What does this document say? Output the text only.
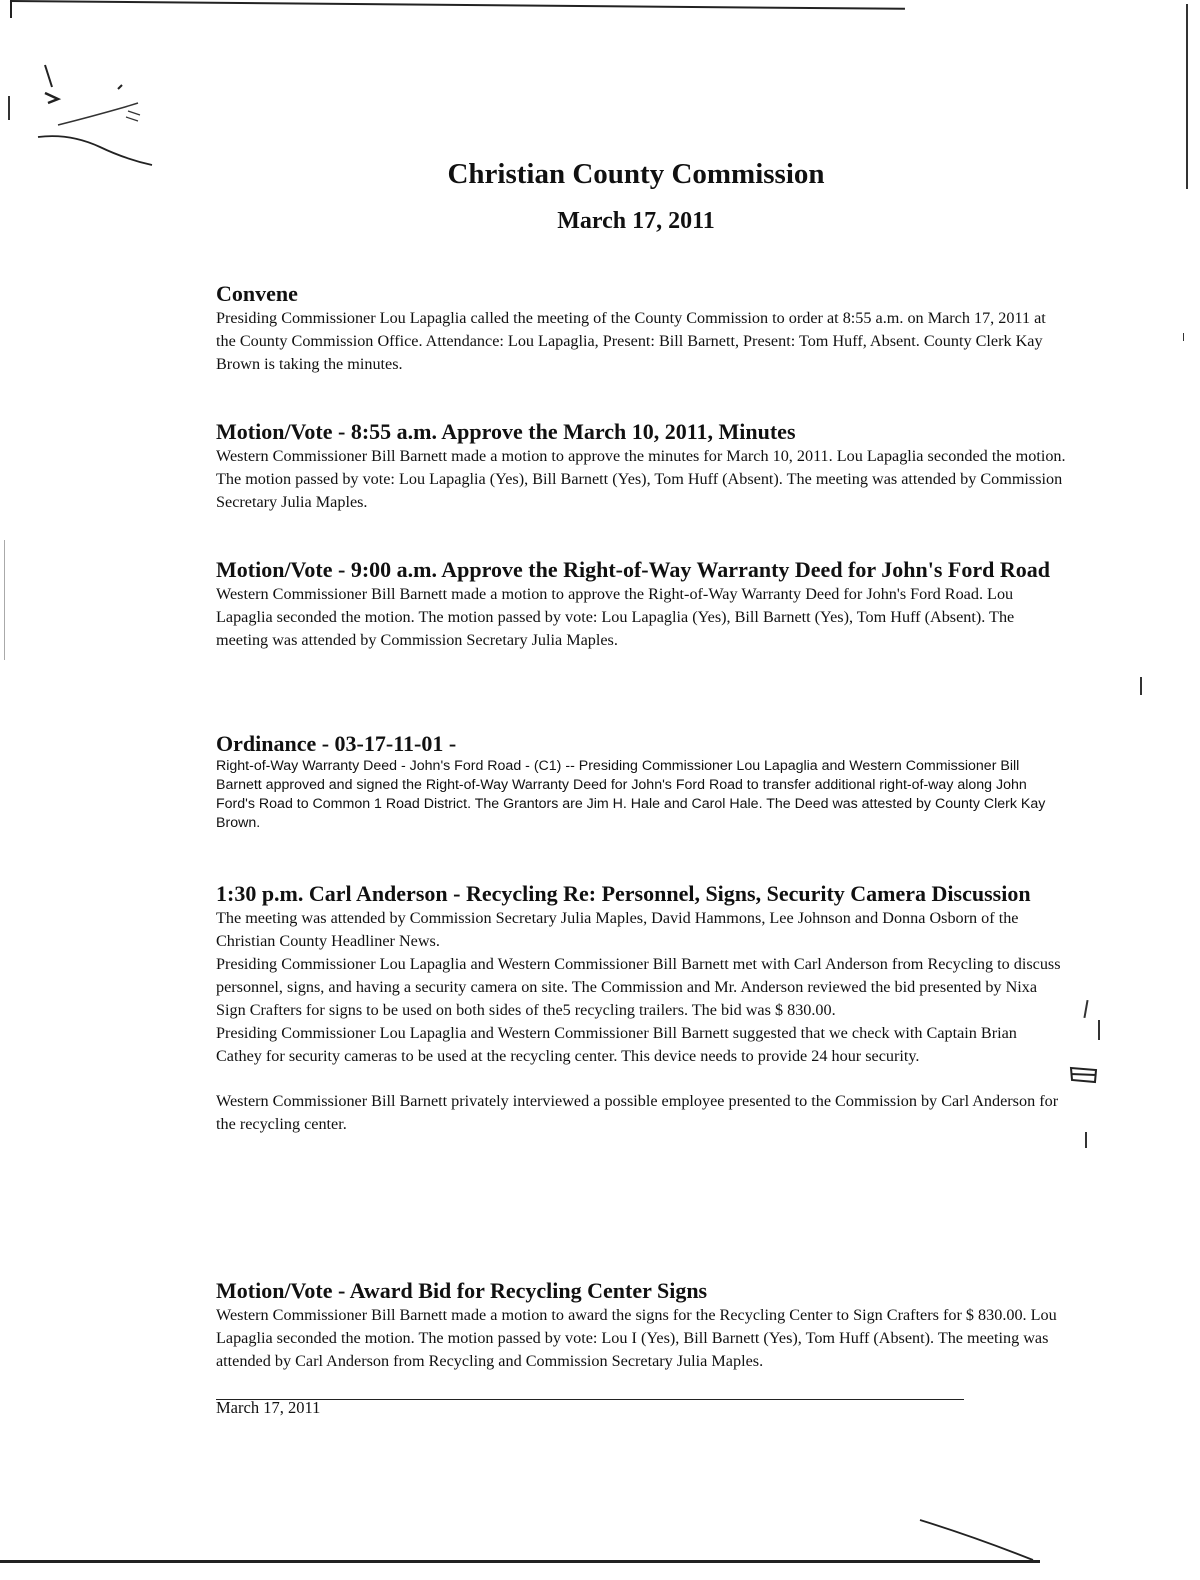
Christian County Commission
March 17, 2011
Convene

Presiding Commissioner Lou Lapaglia called the meeting of the County Commission to order at 8:55 a.m. on March 17, 2011 at the County Commission Office. Attendance: Lou Lapaglia, Present: Bill Barnett, Present: Tom Huff, Absent. County Clerk Kay Brown is taking the minutes.

Motion/Vote - 8:55 a.m. Approve the March 10, 2011, Minutes

Western Commissioner Bill Barnett made a motion to approve the minutes for March 10, 2011. Lou Lapaglia seconded the motion. The motion passed by vote: Lou Lapaglia (Yes), Bill Barnett (Yes), Tom Huff (Absent). The meeting was attended by Commission Secretary Julia Maples.

Motion/Vote - 9:00 a.m. Approve the Right-of-Way Warranty Deed for John's Ford Road

Western Commissioner Bill Barnett made a motion to approve the Right-of-Way Warranty Deed for John's Ford Road. Lou Lapaglia seconded the motion. The motion passed by vote: Lou Lapaglia (Yes), Bill Barnett (Yes), Tom Huff (Absent). The meeting was attended by Commission Secretary Julia Maples.

Ordinance - 03-17-11-01 -

Right-of-Way Warranty Deed - John's Ford Road - (C1) -- Presiding Commissioner Lou Lapaglia and Western Commissioner Bill Barnett approved and signed the Right-of-Way Warranty Deed for John's Ford Road to transfer additional right-of-way along John Ford's Road to Common 1 Road District. The Grantors are Jim H. Hale and Carol Hale. The Deed was attested by County Clerk Kay Brown.

1:30 p.m. Carl Anderson - Recycling Re: Personnel, Signs, Security Camera Discussion

The meeting was attended by Commission Secretary Julia Maples, David Hammons, Lee Johnson and Donna Osborn of the Christian County Headliner News.

Presiding Commissioner Lou Lapaglia and Western Commissioner Bill Barnett met with Carl Anderson from Recycling to discuss personnel, signs, and having a security camera on site. The Commission and Mr. Anderson reviewed the bid presented by Nixa Sign Crafters for signs to be used on both sides of the5 recycling trailers. The bid was $ 830.00.

Presiding Commissioner Lou Lapaglia and Western Commissioner Bill Barnett suggested that we check with Captain Brian Cathey for security cameras to be used at the recycling center. This device needs to provide 24 hour security.

Western Commissioner Bill Barnett privately interviewed a possible employee presented to the Commission by Carl Anderson for the recycling center.

Motion/Vote - Award Bid for Recycling Center Signs

Western Commissioner Bill Barnett made a motion to award the signs for the Recycling Center to Sign Crafters for $ 830.00. Lou Lapaglia seconded the motion. The motion passed by vote: Lou I (Yes), Bill Barnett (Yes), Tom Huff (Absent). The meeting was attended by Carl Anderson from Recycling and Commission Secretary Julia Maples.

March 17, 2011
